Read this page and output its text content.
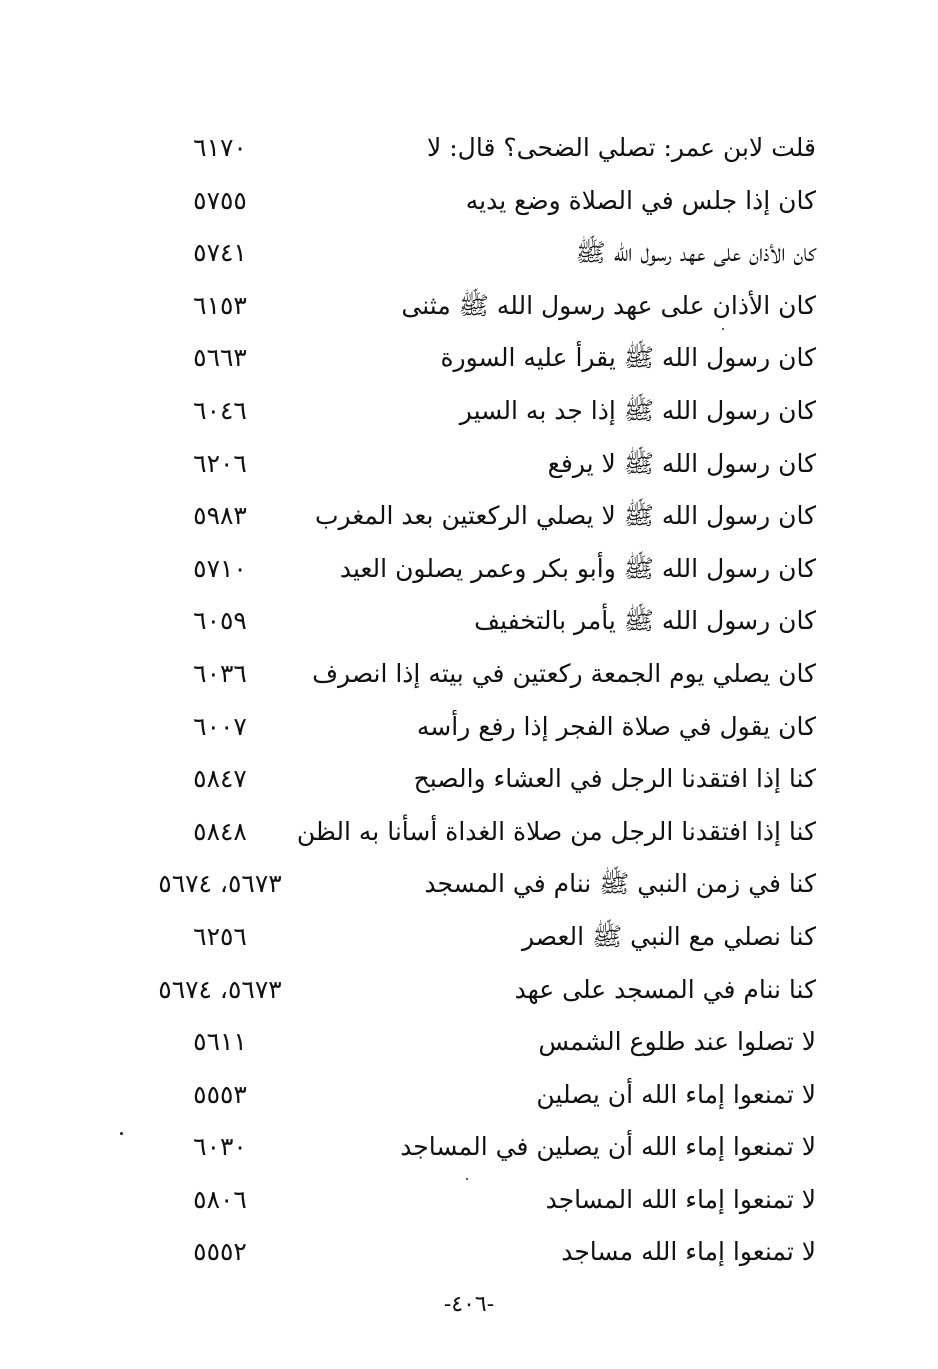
قلت لابن عمر: تصلي الضحى؟ قال: لا
٦١٧٠
كان إذا جلس في الصلاة وضع يديه
٥٧٥٥
كان الأذان على عهد رسول الله ﷺ
٥٧٤١
كان الأذان على عهد رسول الله ﷺ مثنى
٦١٥٣
كان رسول الله ﷺ يقرأ عليه السورة
٥٦٦٣
كان رسول الله ﷺ إذا جد به السير
٦٠٤٦
كان رسول الله ﷺ لا يرفع
٦٢٠٦
كان رسول الله ﷺ لا يصلي الركعتين بعد المغرب
٥٩٨٣
كان رسول الله ﷺ وأبو بكر وعمر يصلون العيد
٥٧١٠
كان رسول الله ﷺ يأمر بالتخفيف
٦٠٥٩
كان يصلي يوم الجمعة ركعتين في بيته إذا انصرف
٦٠٣٦
كان يقول في صلاة الفجر إذا رفع رأسه
٦٠٠٧
كنا إذا افتقدنا الرجل في العشاء والصبح
٥٨٤٧
كنا إذا افتقدنا الرجل من صلاة الغداة أسأنا به الظن
٥٨٤٨
كنا في زمن النبي ﷺ ننام في المسجد
٥٦٧٣، ٥٦٧٤
كنا نصلي مع النبي ﷺ العصر
٦٢٥٦
كنا ننام في المسجد على عهد
٥٦٧٣، ٥٦٧٤
لا تصلوا عند طلوع الشمس
٥٦١١
لا تمنعوا إماء الله أن يصلين
٥٥٥٣
لا تمنعوا إماء الله أن يصلين في المساجد
٦٠٣٠
لا تمنعوا إماء الله المساجد
٥٨٠٦
لا تمنعوا إماء الله مساجد
٥٥٥٢
-٤٠٦-
